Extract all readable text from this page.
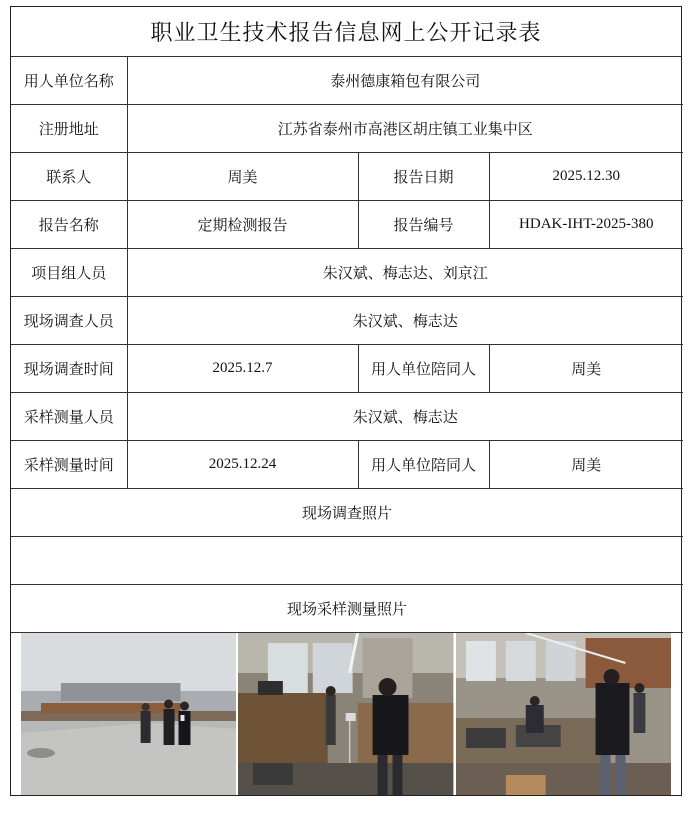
职业卫生技术报告信息网上公开记录表
用人单位名称	泰州德康箱包有限公司		
注册地址	江苏省泰州市高港区胡庄镇工业集中区		
联系人	周美	报告日期	2025.12.30
报告名称	定期检测报告	报告编号	HDAK-IHT-2025-380
项目组人员	朱汉斌、梅志达、刘京江		
现场调查人员	朱汉斌、梅志达		
现场调查时间	2025.12.7	用人单位陪同人	周美
采样测量人员	朱汉斌、梅志达		
采样测量时间	2025.12.24	用人单位陪同人	周美
现场调查照片			

现场采样测量照片			
